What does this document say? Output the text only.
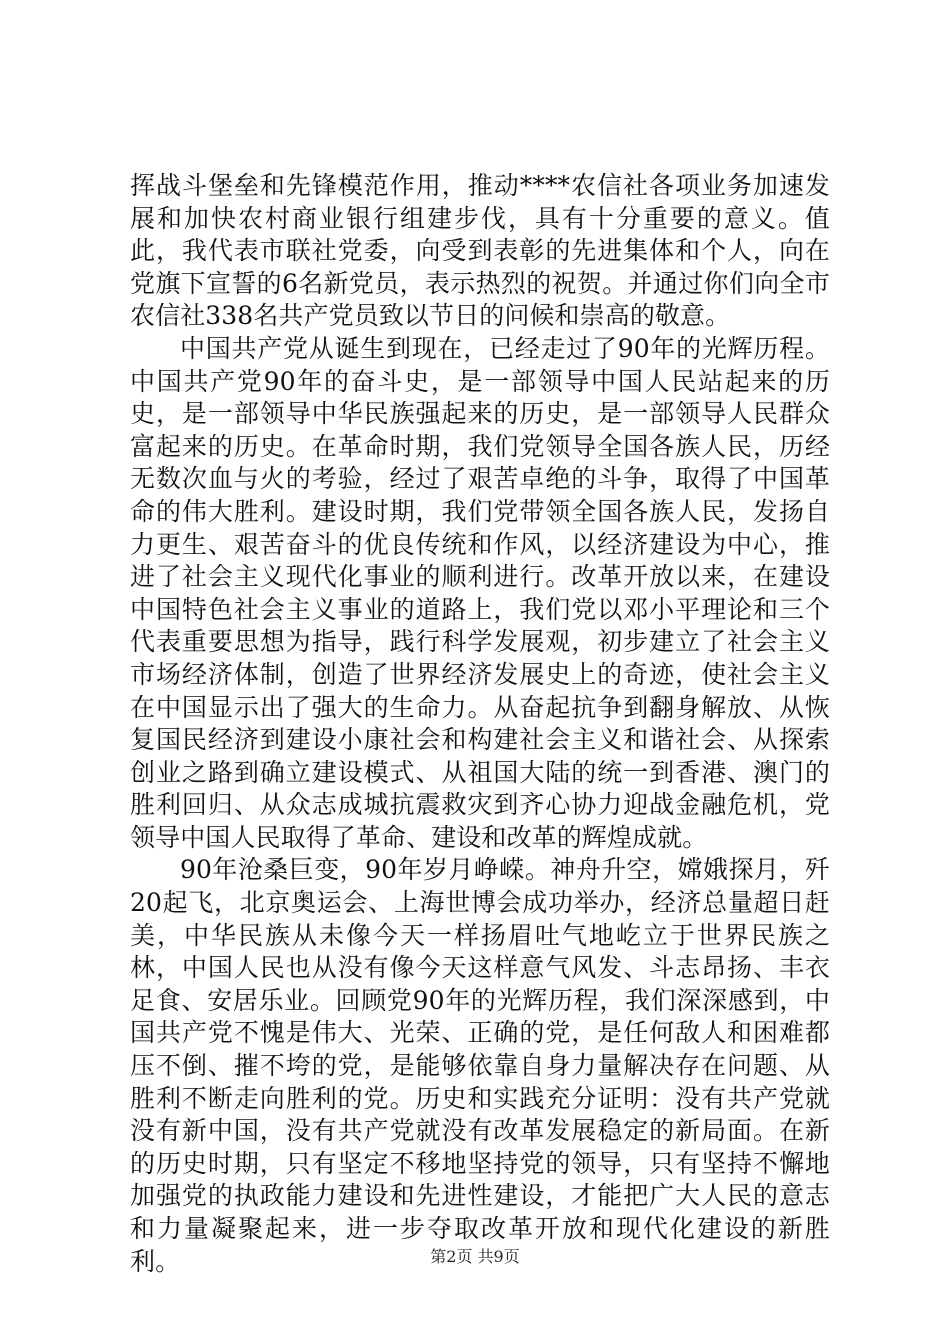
挥战斗堡垒和先锋模范作用，推动****农信社各项业务加速发展和加快农村商业银行组建步伐，具有十分重要的意义。值此，我代表市联社党委，向受到表彰的先进集体和个人，向在党旗下宣誓的6名新党员，表示热烈的祝贺。并通过你们向全市农信社338名共产党员致以节日的问候和崇高的敬意。

中国共产党从诞生到现在，已经走过了90年的光辉历程。中国共产党90年的奋斗史，是一部领导中国人民站起来的历史，是一部领导中华民族强起来的历史，是一部领导人民群众富起来的历史。在革命时期，我们党领导全国各族人民，历经无数次血与火的考验，经过了艰苦卓绝的斗争，取得了中国革命的伟大胜利。建设时期，我们党带领全国各族人民，发扬自力更生、艰苦奋斗的优良传统和作风，以经济建设为中心，推进了社会主义现代化事业的顺利进行。改革开放以来，在建设中国特色社会主义事业的道路上，我们党以邓小平理论和三个代表重要思想为指导，践行科学发展观，初步建立了社会主义市场经济体制，创造了世界经济发展史上的奇迹，使社会主义在中国显示出了强大的生命力。从奋起抗争到翻身解放、从恢复国民经济到建设小康社会和构建社会主义和谐社会、从探索创业之路到确立建设模式、从祖国大陆的统一到香港、澳门的胜利回归、从众志成城抗震救灾到齐心协力迎战金融危机，党领导中国人民取得了革命、建设和改革的辉煌成就。

90年沧桑巨变，90年岁月峥嵘。神舟升空，嫦娥探月，歼20起飞，北京奥运会、上海世博会成功举办，经济总量超日赶美，中华民族从未像今天一样扬眉吐气地屹立于世界民族之林，中国人民也从没有像今天这样意气风发、斗志昂扬、丰衣足食、安居乐业。回顾党90年的光辉历程，我们深深感到，中国共产党不愧是伟大、光荣、正确的党，是任何敌人和困难都压不倒、摧不垮的党，是能够依靠自身力量解决存在问题、从胜利不断走向胜利的党。历史和实践充分证明：没有共产党就没有新中国，没有共产党就没有改革发展稳定的新局面。在新的历史时期，只有坚定不移地坚持党的领导，只有坚持不懈地加强党的执政能力建设和先进性建设，才能把广大人民的意志和力量凝聚起来，进一步夺取改革开放和现代化建设的新胜利。	第2页 共9页
